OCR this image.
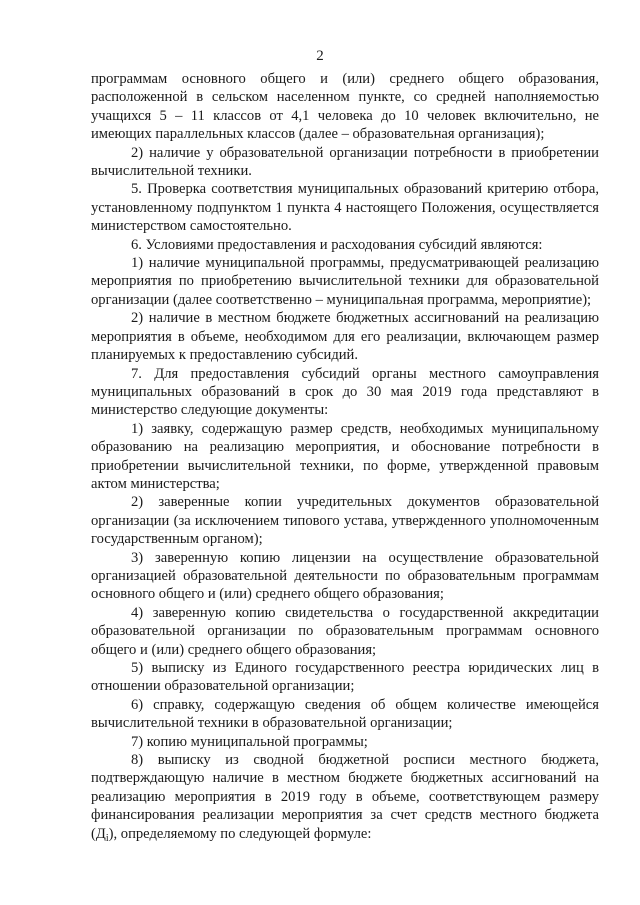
2

программам основного общего и (или) среднего общего образования, расположенной в сельском населенном пункте, со средней наполняемостью учащихся 5 – 11 классов от 4,1 человека до 10 человек включительно, не имеющих параллельных классов (далее – образовательная организация);

2) наличие у образовательной организации потребности в приобретении вычислительной техники.

5. Проверка соответствия муниципальных образований критерию отбора, установленному подпунктом 1 пункта 4 настоящего Положения, осуществляется министерством самостоятельно.

6. Условиями предоставления и расходования субсидий являются:

1) наличие муниципальной программы, предусматривающей реализацию мероприятия по приобретению вычислительной техники для образовательной организации (далее соответственно – муниципальная программа, мероприятие);

2) наличие в местном бюджете бюджетных ассигнований на реализацию мероприятия в объеме, необходимом для его реализации, включающем размер планируемых к предоставлению субсидий.

7. Для предоставления субсидий органы местного самоуправления муниципальных образований в срок до 30 мая 2019 года представляют в министерство следующие документы:

1) заявку, содержащую размер средств, необходимых муниципальному образованию на реализацию мероприятия, и обоснование потребности в приобретении вычислительной техники, по форме, утвержденной правовым актом министерства;

2) заверенные копии учредительных документов образовательной организации (за исключением типового устава, утвержденного уполномоченным государственным органом);

3) заверенную копию лицензии на осуществление образовательной организацией образовательной деятельности по образовательным программам основного общего и (или) среднего общего образования;

4) заверенную копию свидетельства о государственной аккредитации образовательной организации по образовательным программам основного общего и (или) среднего общего образования;

5) выписку из Единого государственного реестра юридических лиц в отношении образовательной организации;

6) справку, содержащую сведения об общем количестве имеющейся вычислительной техники в образовательной организации;

7) копию муниципальной программы;

8) выписку из сводной бюджетной росписи местного бюджета, подтверждающую наличие в местном бюджете бюджетных ассигнований на реализацию мероприятия в 2019 году в объеме, соответствующем размеру финансирования реализации мероприятия за счет средств местного бюджета $(Д_i)$, определяемому по следующей формуле:
